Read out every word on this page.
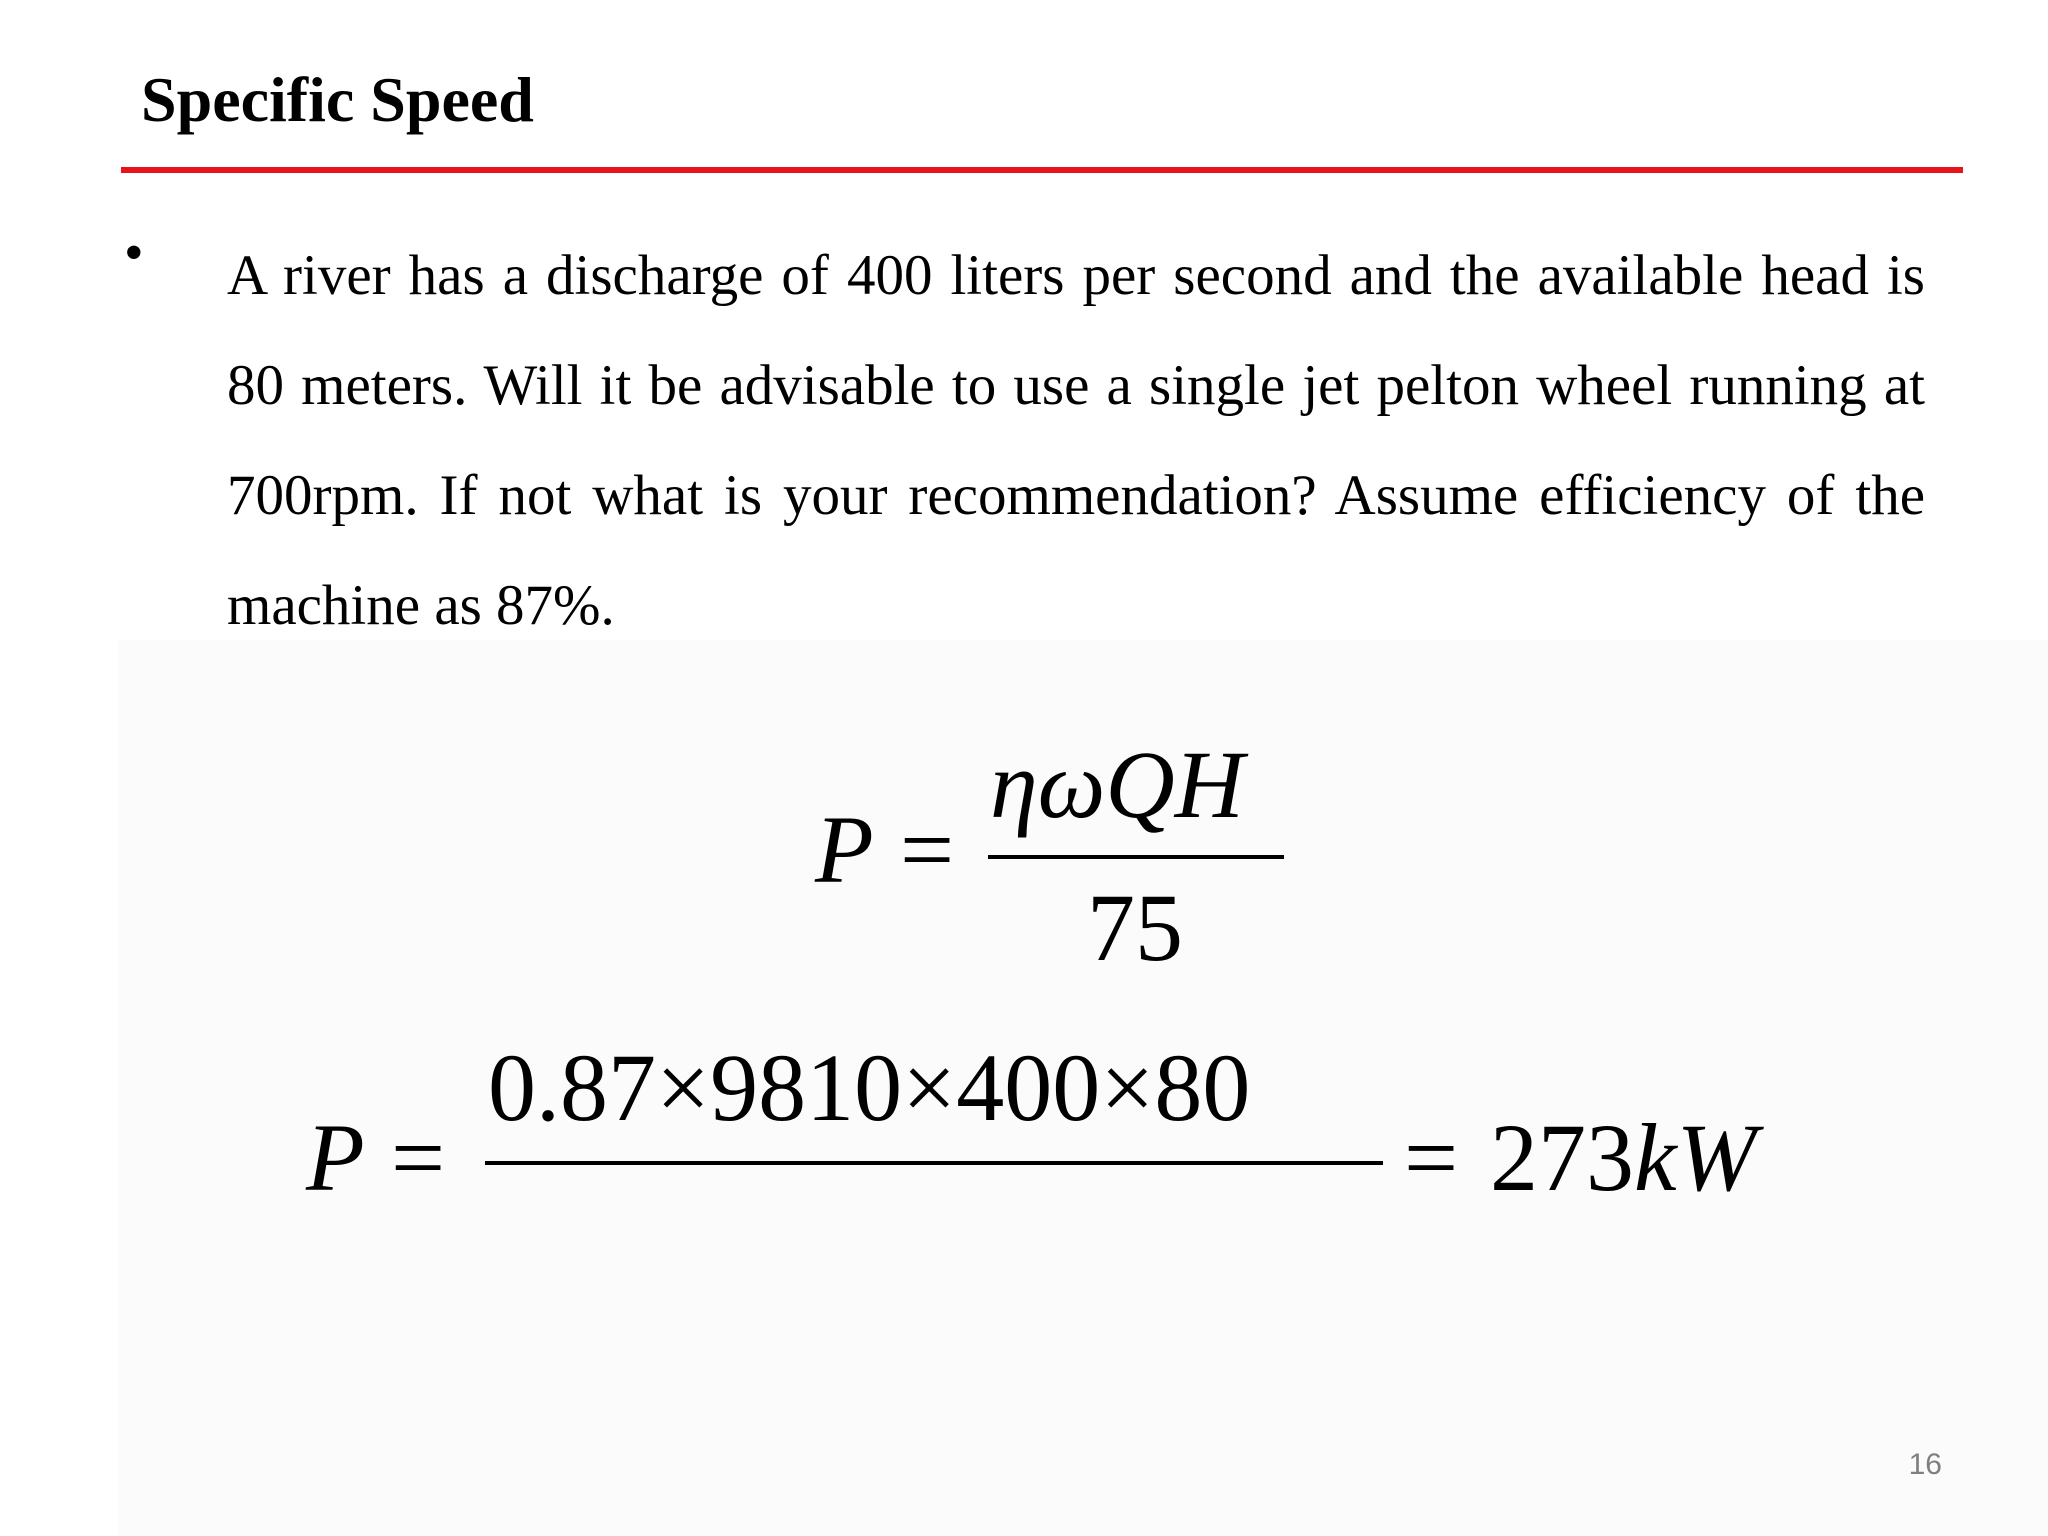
Specific Speed
• A river has a discharge of 400 liters per second and the available head is 80 meters. Will it be advisable to use a single jet pelton wheel running at 700rpm. If not what is your recommendation? Assume efficiency of the machine as 87%.
P =
ηωQH
75
P =
0.87×9810×400×80
= 273 kW
16
